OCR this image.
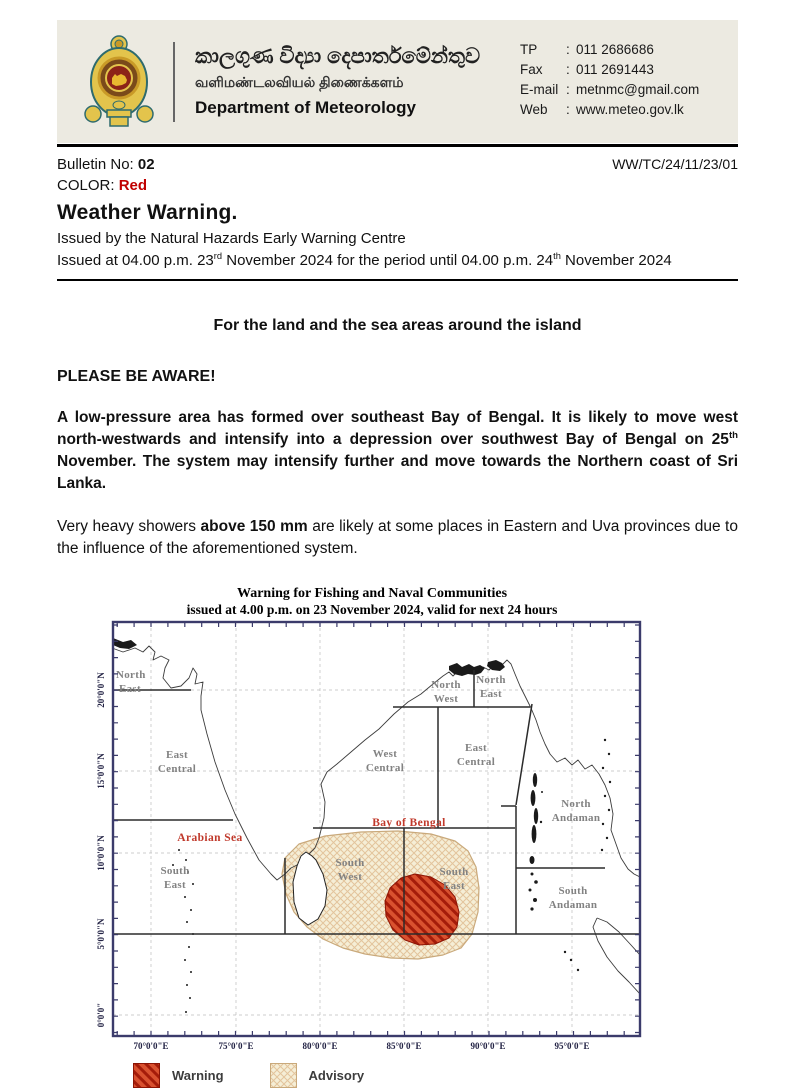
කාලගුණ විද්‍යා දෙපාර්තමේන්තුව
வளிமண்டலவியல் திணைக்களம்
Department of Meteorology
TP	: 011 2686686
Fax	: 011 2691443
E-mail : metnmc@gmail.com
Web	: www.meteo.gov.lk
Bulletin No: 02	WW/TC/24/11/23/01
COLOR: Red
Weather Warning.
Issued by the Natural Hazards Early Warning Centre
Issued at 04.00 p.m. 23rd November 2024 for the period until 04.00 p.m. 24th November 2024
For the land and the sea areas around the island
PLEASE BE AWARE!
A low-pressure area has formed over southeast Bay of Bengal. It is likely to move west north-westwards and intensify into a depression over southwest Bay of Bengal on 25th November. The system may intensify further and move towards the Northern coast of Sri Lanka.
Very heavy showers above 150 mm are likely at some places in Eastern and Uva provinces due to the influence of the aforementioned system.
Warning for Fishing and Naval Communities
issued at 4.00 p.m. on 23 November 2024, valid for next 24 hours
North
East
East
Central
Arabian Sea
South
East
North
West
North
East
West
Central
East
Central
Bay of Bengal
South
West	South
East
North
Andaman
South
Andaman
70°0'0"E	75°0'0"E	80°0'0"E	85°0'0"E	90°0'0"E	95°0'0"E
20°0'0"N
15°0'0"N
10°0'0"N
5°0'0"N
0°0'0"
Warning	Advisory
